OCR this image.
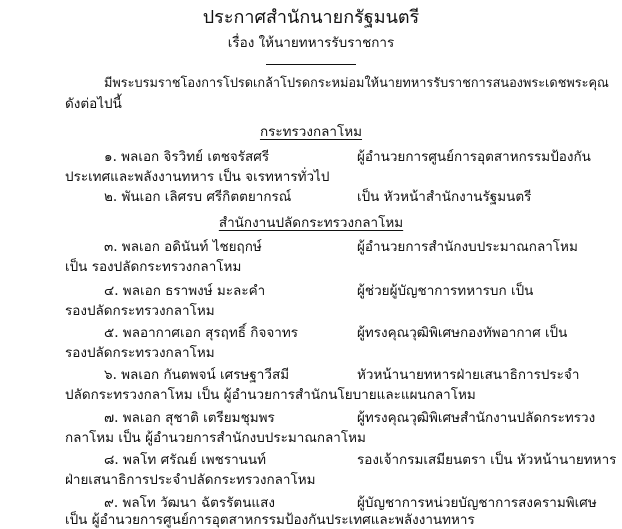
ประกาศสำนักนายกรัฐมนตรี
เรื่อง ให้นายทหารรับราชการ
มีพระบรมราชโองการโปรดเกล้าโปรดกระหม่อมให้นายทหารรับราชการสนองพระเดชพระคุณ
ดังต่อไปนี้
กระทรวงกลาโหม
๑. พลเอก จิรวิทย์ เตชจรัสศรี	ผู้อำนวยการศูนย์การอุตสาหกรรมป้องกัน
ประเทศและพลังงานทหาร เป็น จเรทหารทั่วไป
๒. พันเอก เลิศรบ ศรีกิตตยากรณ์	เป็น หัวหน้าสำนักงานรัฐมนตรี
สำนักงานปลัดกระทรวงกลาโหม
๓. พลเอก อดินันท์ ไชยฤกษ์	ผู้อำนวยการสำนักงบประมาณกลาโหม
เป็น รองปลัดกระทรวงกลาโหม
๔. พลเอก ธราพงษ์ มะละคำ	ผู้ช่วยผู้บัญชาการทหารบก เป็น
รองปลัดกระทรวงกลาโหม
๕. พลอากาศเอก สุรฤทธิ์ กิจจาทร	ผู้ทรงคุณวุฒิพิเศษกองทัพอากาศ เป็น
รองปลัดกระทรวงกลาโหม
๖. พลเอก กันตพจน์ เศรษฐาวีสมี	หัวหน้านายทหารฝ่ายเสนาธิการประจำ
ปลัดกระทรวงกลาโหม เป็น ผู้อำนวยการสำนักนโยบายและแผนกลาโหม
๗. พลเอก สุชาติ เตรียมชุมพร	ผู้ทรงคุณวุฒิพิเศษสำนักงานปลัดกระทรวง
กลาโหม เป็น ผู้อำนวยการสำนักงบประมาณกลาโหม
๘. พลโท ศรัณย์ เพชรานนท์	รองเจ้ากรมเสมียนตรา เป็น หัวหน้านายทหาร
ฝ่ายเสนาธิการประจำปลัดกระทรวงกลาโหม
๙. พลโท วัฒนา ฉัตรรัตนแสง	ผู้บัญชาการหน่วยบัญชาการสงครามพิเศษ
เป็น ผู้อำนวยการศูนย์การอุตสาหกรรมป้องกันประเทศและพลังงานทหาร
